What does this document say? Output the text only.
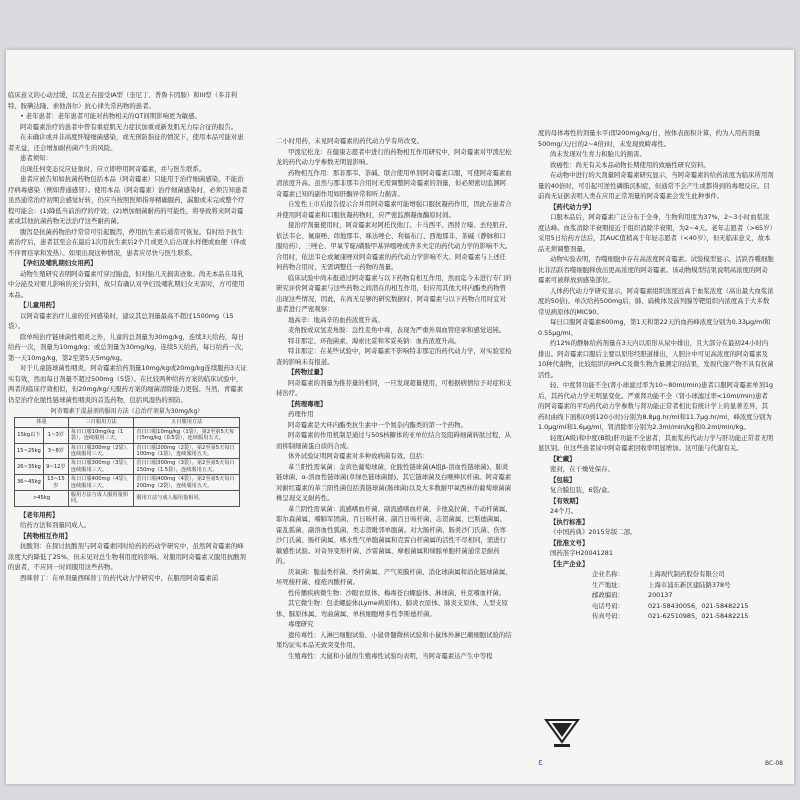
临床意义的心动过缓，以及正在接受IA型（奎尼丁、普鲁卡因胺）和III型（多非利特、胺碘达隆、索他洛尔）抗心律失常药物的患者。

• 老年患者：老年患者可能对药物相关的QT间期影响更为敏感。

阿奇霉素治疗的患者中曾有重症肌无力症状加重或新发肌无力综合征的报告。

在未确诊或并非高度怀疑细菌感染，或无预防指征的情况下，使用本品可能对患者无益，还会增加耐药菌产生的风险。

患者须知：

出现任何变态反应征象时，应立即停用阿奇霉素，并与医生联系。

患者应被告知如抗菌药物包括本品（阿奇霉素）只能用于治疗细菌感染，不能治疗病毒感染（例如普通感冒）。使用本品（阿奇霉素）治疗细菌感染时，必须告知患者虽然通常治疗初期会感觉好转，仍应当按照医师指导精确服药，漏服或未完成整个疗程可能会：(1)降低当前治疗的疗效；(2)增加细菌耐药的可能性，将导致将来阿奇霉素或其他抗菌药物无法治疗这些耐药菌。

腹泻是抗菌药物治疗常常可引起腹泻，停用抗生素后通常可恢复。有时给予抗生素治疗后，患者甚至会在最后1次用抗生素后2个月或更久后出现水样便或血便（伴或不伴胃痉挛和发热）。如果出现这种情况，患者应尽快与医生联系。

【孕妇及哺乳期妇女用药】

动物生殖研究表明阿奇霉素可穿过胎盘，但对胎儿无损害迹象。尚无本品在母乳中分泌及对婴儿影响的充分资料，故只有确认对孕妇及哺乳期妇女无害时，方可使用本品。

【儿童用药】

以阿奇霉素治疗儿童的任何感染时，建议其总剂量最高不超过1500mg（15袋）。

除单纯治疗链球菌性咽炎之外，儿童的总剂量为30mg/kg，连续3天给药，每日给药一次，剂量为10mg/kg；或总剂量为30mg/kg，连续5天给药，每日给药一次，第一天10mg/kg，第2至第5天5mg/kg。

对于儿童链球菌性咽炎，阿奇霉素给药剂量10mg/kg或20mg/kg连续服药3天证实有效，然而每日剂量不超过500mg（5袋）。在比较两种给药方案的临床试验中，两者的临床疗效相似，但20mg/kg/天服药方案的细菌清除能力更强。当然，青霉素仍是治疗化脓性链球菌性咽炎的首选药物，包括风湿热的预防。

阿奇霉素干混悬剂的服用方法（总治疗剂量为30mg/kg）			
体重		三日服用方法	五日服用方法
15kg以下	1~3岁	每日口服10mg/kg（1袋），连续服用三天。	首日口服10mg/kg（1袋），第2至第5天每日5mg/kg（0.5袋），连续服用五天。
15~25kg	3~8岁	每日口服200mg（2袋），连续服用三天。	首日口服200mg（2袋），第2至第5天每日100mg（1袋），连续服用五天。
26~35kg	9~12岁	每日口服300mg（3袋），连续服用三天。	首日口服300mg（3袋），第2至第5天每日150mg（1.5袋），连续服用五天。
36~45kg	13~15岁	每日口服400mg（4袋），连续服用三天。	首日口服400mg（4袋），第2至第5天每日200mg（2袋），连续服用五天。
>45kg		服用方法与成人服用量相同。	服用方法与成人服用量相同。

【老年用药】

给药方法和剂量同成人。

【药物相互作用】

抗酸剂：在探讨抗酸剂与阿奇霉素同时给药的药动学研究中，虽然阿奇霉素的峰浓度大约降低了25%，但未见对总生物利用度的影响。对服用阿奇霉素又服用抗酸剂的患者，不应同一时间服用这些药物。

西咪替丁：在单剂量西咪替丁的药代动力学研究中，在服用阿奇霉素前

二小时用药，未见阿奇霉素的药代动力学有所改变。

甲泼尼松龙：在健康志愿者中进行的药物相互作用研究中，阿奇霉素对甲泼尼松龙的药代动力学参数无明显影响。

药物相互作用：那非那韦、茶碱、联合使用单剂阿奇霉素口服，可使阿奇霉素血清浓度升高。虽然与那非那韦合用时无需调整阿奇霉素的剂量，但必须密切监测阿奇霉素已知的副作用如肝酶异常和听力损害。

自发性上市后报告提示合并用阿奇霉素可能增强口服抗凝药作用，因此在患者合并使用阿奇霉素和口服抗凝药物时，应严密监测凝血酶原时间。

接治疗剂量使用时，阿奇霉素对阿托伐他汀、卡马西平、西替立嗪、去羟肌苷、依法韦仑、氟康唑、茚地那韦、咪达唑仑、利福布汀、西地那非、茶碱（静脉和口服给药）、三唑仑、甲氧苄啶/磺胺甲基异噁唑或齐多夫定的药代动力学的影响不大。合用时，依法韦仑或氟康唑对阿奇霉素的药代动力学影响不大。阿奇霉素与上述任何药物合用时，无需调整任一药物的剂量。

临床试验中尚未报道过阿奇霉素与以下药物有相互作用，然而迄今未进行专门的研究评价阿奇霉素与这些药物之间潜在的相互作用，但应用其他大环内酯类药物曾出现这些情况，因此，在尚无足够的研究数据时，阿奇霉素与以下药物合用时宜对患者进行严密观察：

地高辛：地高辛的血药浓度升高。

麦角胺或双氢麦角胺：急性麦角中毒，表现为严重外周血管痉挛和感觉迟钝。

特非那定、环孢菌素、海索比妥和苯妥英钠：血药浓度升高。

特非那定：在某些试验中，阿奇霉素不影响特非那定的药代动力学，对实验室检查的影响未有报道。

【药物过量】

阿奇霉素的剂量为推荐量的相同，一旦发现超量使用，可根据病情给予对症和支持治疗。

【药理毒理】

药理作用

阿奇霉素是大环内酯类抗生素中一个氮杂内酯类的第一个药物。

阿奇霉素的作用机制是通过与50S核糖体的亚单位结合及阻碍细菌转肽过程，从而抑制细菌蛋白质的合成。

体外试验证明阿奇霉素对多种致病菌有效。包括：

革兰阳性需氧菌：金黄色葡萄球菌、化脓性链球菌(A组β-溶血性链球菌)、肺炎链球菌、α-溶血性链球菌(草绿色链球菌群)、其它链球菌及白喉棒状杆菌。阿奇霉素对耐红霉素的革兰阳性菌包括粪链球菌(肠球菌)以及大多数耐甲氧西林的葡萄球菌菌株呈现交叉耐药性。

革兰阴性需氧菌：流感嗜血杆菌、副流感嗜血杆菌、卡他莫拉菌、不动杆菌属、耶尔森菌属、嗜肺军团菌、百日咳杆菌、副百日咳杆菌、志贺菌属、巴斯德菌属、霍乱弧菌、副溶血性弧菌、类志贺毗邻单胞菌。对大肠杆菌、肠炎沙门氏菌、伤寒沙门氏菌、肠杆菌属、嗜水性气单胞菌属和克雷白杆菌属的活性不尽相同，需进行敏感性试验。对奇异变形杆菌、沙雷菌属、摩根菌属和绿脓单胞杆菌通常是耐药的。

厌氧菌：脆弱类杆菌、类杆菌属、产气荚膜杆菌、消化球菌属和消化链球菌属、坏死梭杆菌、痤疮丙酸杆菌。

性传播疾病微生物：沙眼衣原体、梅毒苍白螺旋体、淋球菌、杜克嗜血杆菌。

其它微生物：包柔螺旋体(Lyme病原体)、肺炎衣原体、肺炎支原体、人型支原体、脲原体属、弯曲菌属、单核细胞增多性李斯德杆菌。

毒理研究

遗传毒性：人淋巴细胞试验、小鼠骨髓微核试验和小鼠体外淋巴瘤细胞试验的结果均证实本品无致突变作用。

生殖毒性：大鼠和小鼠的生殖毒性试验均表明，当阿奇霉素达产生中等程

度的母体毒性的剂量水平(即200mg/kg/日，按体表面积计算，约为人用药剂量500mg/天/日的2~4倍)时，未发现致畸毒性。

尚未发现对生育力和胎儿的损害。

致癌性：尚无有关本品动物长期使用的致癌性研究资料。

在动物中进行的大剂量阿奇霉素研究显示，当阿奇霉素的给药浓度为临床所用剂量的40倍时，可引起可逆性磷脂沉积症，但通常不会产生或都得到的毒理反应。目前尚无证据表明人类在应用正常剂量的阿奇霉素会发生此种事件。

【药代动力学】

口服本品后，阿奇霉素广泛分布于全身，生物利用度为37%，2~3小时血浆浓度达峰。血浆消除半衰期接近于组织消除半衰期，为2~4天。老年志愿者（>65岁）采用5日给药方法后，其AUC值稍高于年轻志愿者（<40岁），但无临床意义，故本品无须调整剂量。

动物实验表明，吞噬细胞中存在高浓度阿奇霉素。试验模型显示，活跃吞噬细胞比非活跃吞噬细胞释放出更高浓度的阿奇霉素。该动物模型结果说明高浓度的阿奇霉素可被释放到感染部位。

人体药代动力学研究显示，阿奇霉素组织浓度远高于血浆浓度（高出最大血浆浓度的50倍)。单次给药500mg后，肺、扁桃体及前列腺等靶组织内浓度高于大多数常见病原体的MIC90。

每日口服阿奇霉素600mg，第1天和第22天的血药峰浓度分别为0.33μg/ml和0.55μg/ml。

约12%的静脉给药剂量在3天内以原形从尿中排出，且大部分在最初24小时内排出。阿奇霉素口服后主要以原形经胆道排出，人胆汁中可见高浓度的阿奇霉素及10种代谢物，比较组织的HPLC及微生物含量测定的结果，发现代谢产物不具有抗菌活性。

轻、中度肾功能不全(肾小球滤过率为10~80ml/min)患者口服阿奇霉素单剂1g后，其药代动力学无明显变化。严重肾功能不全（肾小球滤过率<10ml/min)患者的阿奇霉素的平均药代动力学参数与肾功能正常者相比有统计学上的显著差异，其药时曲线下面积(0到120小时)分别为8.8μg.hr/ml和11.7μg.hr/ml，峰浓度分别为1.0μg/ml和1.6μg/ml，肾清除率分别为2.3ml/min/kg和0.2ml/min/kg。

轻度(A级)和中度(B级)肝功能不全患者，其血浆药代动力学与肝功能正常者无明显区别。但这些患者尿中阿奇霉素回收率明显增加。这可能与代谢有关。

【贮藏】

密封，在干燥处保存。

【包装】

复合膜包装，6袋/盒。

【有效期】

24个月。

【执行标准】

《中国药典》2015年版二部。

【批准文号】

国药准字H20041281

【生产企业】

企业名称：	上海现代制药股份有限公司
生产地址：	上海市浦东新区建陆路378号
邮政编码：	200137
电话号码：	021-58430056，021-58482215
传真号码：	021-62510985，021-58482215
ε	BC-08
